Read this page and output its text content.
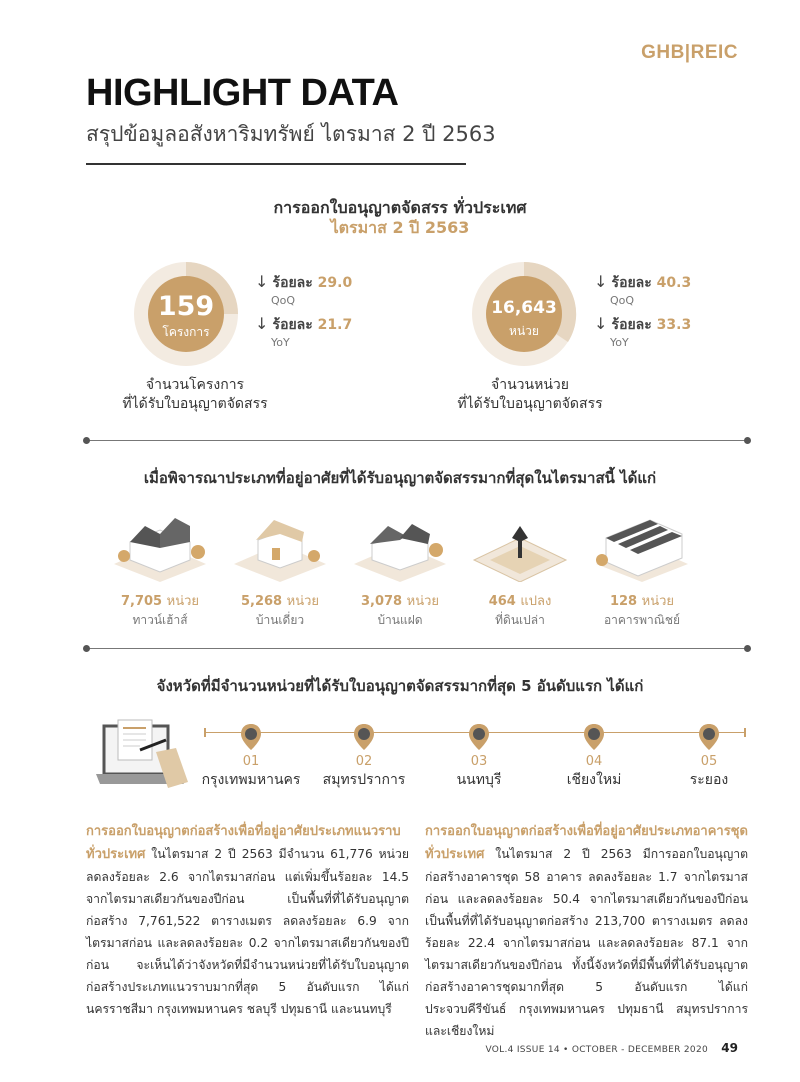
GHB|REIC
HIGHLIGHT DATA
สรุปข้อมูลอสังหาริมทรัพย์ ไตรมาส 2 ปี 2563
การออกใบอนุญาตจัดสรร ทั่วประเทศ
ไตรมาส 2 ปี 2563
159
โครงการ
↓ ร้อยละ 29.0
QoQ
↓ ร้อยละ 21.7
YoY
จำนวนโครงการ
ที่ได้รับใบอนุญาตจัดสรร
16,643
หน่วย
↓ ร้อยละ 40.3
QoQ
↓ ร้อยละ 33.3
YoY
จำนวนหน่วย
ที่ได้รับใบอนุญาตจัดสรร
เมื่อพิจารณาประเภทที่อยู่อาศัยที่ได้รับอนุญาตจัดสรรมากที่สุดในไตรมาสนี้ ได้แก่
7,705 หน่วย
ทาวน์เฮ้าส์
5,268 หน่วย
บ้านเดี่ยว
3,078 หน่วย
บ้านแฝด
464 แปลง
ที่ดินเปล่า
128 หน่วย
อาคารพาณิชย์
จังหวัดที่มีจำนวนหน่วยที่ได้รับใบอนุญาตจัดสรรมากที่สุด 5 อันดับแรก ได้แก่
01
กรุงเทพมหานคร
02
สมุทรปราการ
03
นนทบุรี
04
เชียงใหม่
05
ระยอง
การออกใบอนุญาตก่อสร้างเพื่อที่อยู่อาศัยประเภทแนวราบ ทั่วประเทศ ในไตรมาส 2 ปี 2563 มีจำนวน 61,776 หน่วย ลดลงร้อยละ 2.6 จากไตรมาสก่อน แต่เพิ่มขึ้นร้อยละ 14.5 จากไตรมาสเดียวกันของปีก่อน เป็นพื้นที่ที่ได้รับอนุญาตก่อสร้าง 7,761,522 ตารางเมตร ลดลงร้อยละ 6.9 จากไตรมาสก่อน และลดลงร้อยละ 0.2 จากไตรมาสเดียวกันของปีก่อน จะเห็นได้ว่าจังหวัดที่มีจำนวนหน่วยที่ได้รับใบอนุญาตก่อสร้างประเภทแนวราบมากที่สุด 5 อันดับแรก ได้แก่ นครราชสีมา กรุงเทพมหานคร ชลบุรี ปทุมธานี และนนทบุรี
การออกใบอนุญาตก่อสร้างเพื่อที่อยู่อาศัยประเภทอาคารชุด ทั่วประเทศ ในไตรมาส 2 ปี 2563 มีการออกใบอนุญาตก่อสร้างอาคารชุด 58 อาคาร ลดลงร้อยละ 1.7 จากไตรมาสก่อน และลดลงร้อยละ 50.4 จากไตรมาสเดียวกันของปีก่อน เป็นพื้นที่ที่ได้รับอนุญาตก่อสร้าง 213,700 ตารางเมตร ลดลงร้อยละ 22.4 จากไตรมาสก่อน และลดลงร้อยละ 87.1 จากไตรมาสเดียวกันของปีก่อน ทั้งนี้จังหวัดที่มีพื้นที่ที่ได้รับอนุญาตก่อสร้างอาคารชุดมากที่สุด 5 อันดับแรก ได้แก่ ประจวบคีรีขันธ์ กรุงเทพมหานคร ปทุมธานี สมุทรปราการ และเชียงใหม่
VOL.4 ISSUE 14 • OCTOBER - DECEMBER 2020 49
